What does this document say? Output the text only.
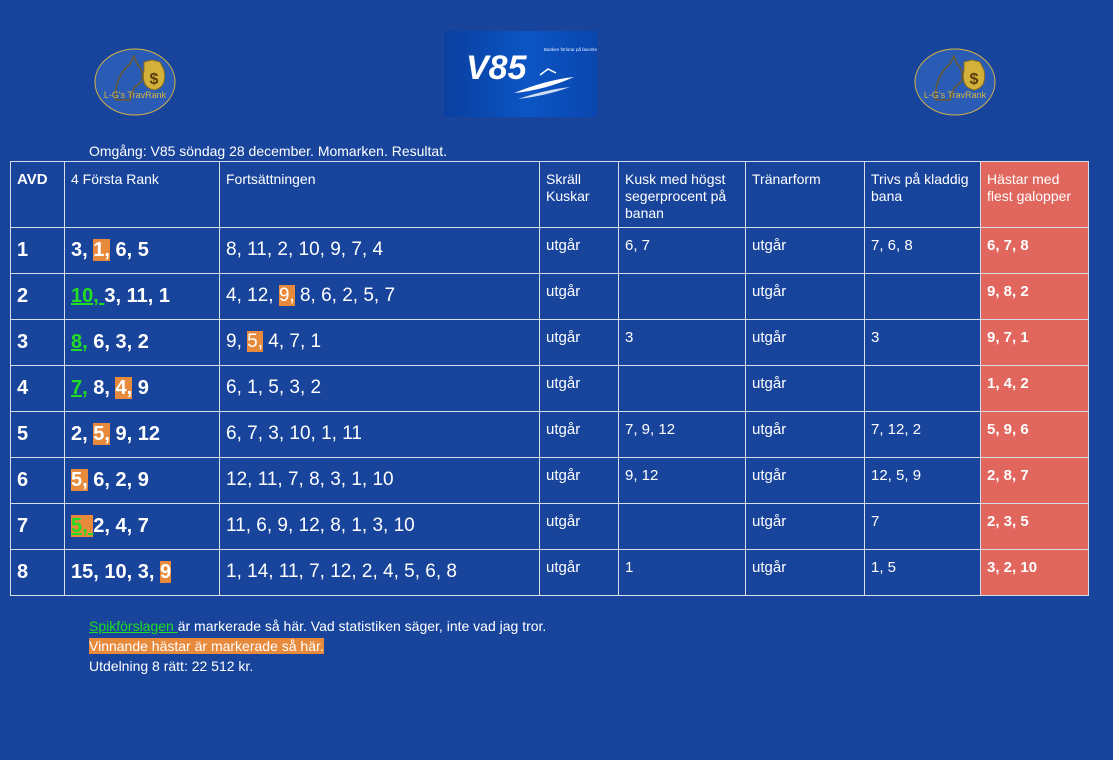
$
L-G's TravRank
V85	Banken förlorar på favoriter!
$
L-G's TravRank
Omgång: V85 söndag 28 december. Momarken. Resultat.
AVD	4 Första Rank	Fortsättningen	Skräll Kuskar	Kusk med högst segerprocent på banan	Tränarform	Trivs på kladdig bana	Hästar med flest galopper
1	3, 1, 6, 5	8, 11, 2, 10, 9, 7, 4	utgår	6, 7	utgår	7, 6, 8	6, 7, 8
2	10, 3, 11, 1	4, 12, 9, 8, 6, 2, 5, 7	utgår		utgår		9, 8, 2
3	8, 6, 3, 2	9, 5, 4, 7, 1	utgår	3	utgår	3	9, 7, 1
4	7, 8, 4, 9	6, 1, 5, 3, 2	utgår		utgår		1, 4, 2
5	2, 5, 9, 12	6, 7, 3, 10, 1, 11	utgår	7, 9, 12	utgår	7, 12, 2	5, 9, 6
6	5, 6, 2, 9	12, 11, 7, 8, 3, 1, 10	utgår	9, 12	utgår	12, 5, 9	2, 8, 7
7	5, 2, 4, 7	11, 6, 9, 12, 8, 1, 3, 10	utgår		utgår	7	2, 3, 5
8	15, 10, 3, 9	1, 14, 11, 7, 12, 2, 4, 5, 6, 8	utgår	1	utgår	1, 5	3, 2, 10
Spikförslagen är markerade så här. Vad statistiken säger, inte vad jag tror.
Vinnande hästar är markerade så här.
Utdelning 8 rätt: 22 512 kr.
